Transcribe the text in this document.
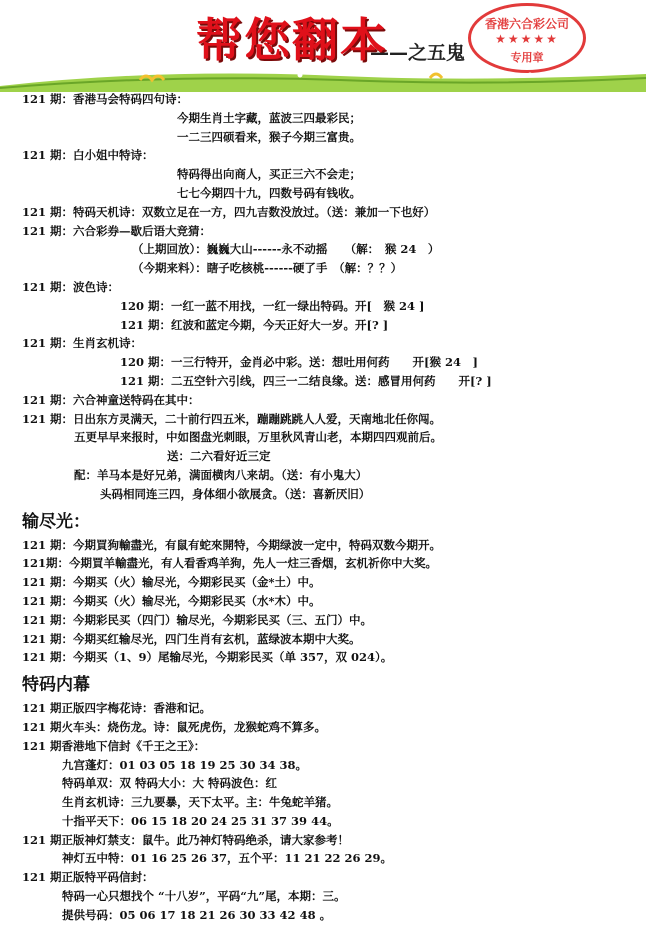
帮您翻本
——之五鬼
香港六合彩公司
★★★★★
专用章
121 期：香港马会特码四句诗：
今期生肖土字藏，蓝波三四最彩民；
一二三四硕看来，猴子今期三富贵。
121 期：白小姐中特诗：
特码得出向商人，买正三六不会走；
七七今期四十九，四数号码有钱收。
121 期：特码天机诗：双数立足在一方，四九吉数没放过。（送：兼加一下也好）
121 期：六合彩券—歇后语大竞猜：
（上期回放）：巍巍大山------永不动摇　　（解：　猴 24　）
（今期来料）：瞎子吃核桃------硬了手　（解：？？）
121 期：波色诗：
120 期：一红一蓝不用找，一红一绿出特码。开[　猴 24 ]
121 期：红波和蓝定今期，今天正好大一岁。开[? ]
121 期：生肖玄机诗：
120 期：一三行特开，金肖必中彩。送：想吐用何药　　开[猴 24　]
121 期：二五空针六引线，四三一二结良缘。送：感冒用何药　　开[? ]
121 期：六合神童送特码在其中：
121 期：日出东方灵满天，二十前行四五米，蹦蹦跳跳人人爱，天南地北任你闯。
五更早早来报时，中如图盘光刺眼，万里秋风青山老，本期四四观前后。
送：二六看好近三定
配：羊马本是好兄弟，满面横肉八来胡。（送：有小鬼大）
头码相同连三四，身体细小欲展贪。（送：喜新厌旧）
输尽光：
121 期：今期買狗輸盡光，有鼠有蛇來開特，今期绿波一定中，特码双数今期开。
121期：今期買羊輸盡光，有人看香鸡羊狗，先人一炷三香烟，玄机祈你中大奖。
121 期：今期买（火）输尽光，今期彩民买（金*土）中。
121 期：今期买（火）输尽光，今期彩民买（水*木）中。
121 期：今期彩民买（四门）输尽光，今期彩民买（三、五门）中。
121 期：今期买红输尽光，四门生肖有玄机，蓝绿波本期中大奖。
121 期：今期买（1、9）尾输尽光，今期彩民买（单 357，双 024）。
特码内幕
121 期正版四字梅花诗：香港和记。
121 期火车头：烧伤龙。诗：鼠死虎伤，龙猴蛇鸡不算多。
121 期香港地下信封《千王之王》：
九宫蓬灯：01 03 05 18 19 25 30 34 38。
特码单双：双 特码大小：大 特码波色：红
生肖玄机诗：三九要暴，天下太平。主：牛兔蛇羊猪。
十指平天下：06 15 18 20 24 25 31 37 39 44。
121 期正版神灯禁支：鼠牛。此乃神灯特码绝杀，请大家参考！
神灯五中特：01 16 25 26 37，五个平：11 21 22 26 29。
121 期正版特平码信封：
特码一心只想找个 “十八岁”，平码“九”尾，本期：三。
提供号码：05 06 17 18 21 26 30 33 42 48 。
